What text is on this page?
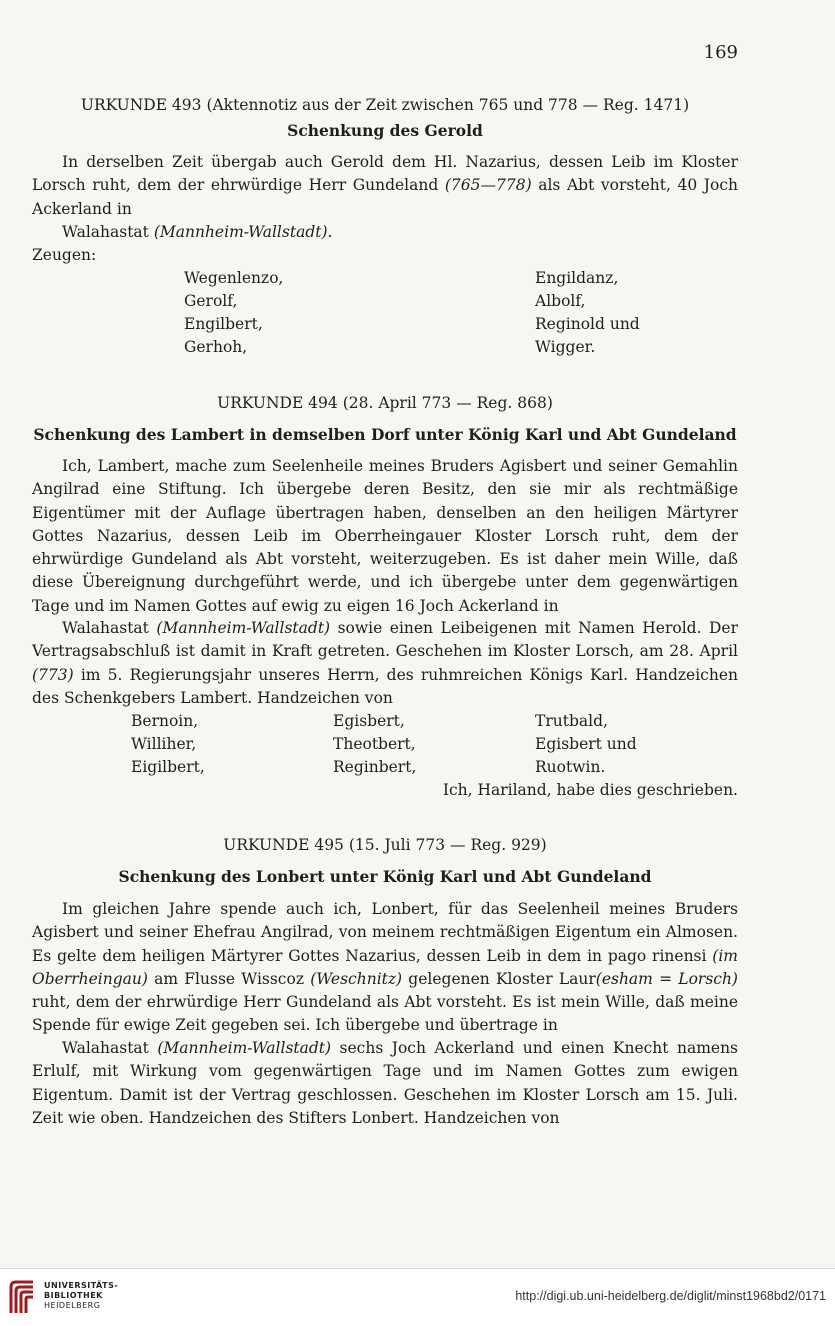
169
URKUNDE 493 (Aktennotiz aus der Zeit zwischen 765 und 778 — Reg. 1471)
Schenkung des Gerold

In derselben Zeit übergab auch Gerold dem Hl. Nazarius, dessen Leib im Kloster Lorsch ruht, dem der ehrwürdige Herr Gundeland (765—778) als Abt vorsteht, 40 Joch Ackerland in

Walahastat (Mannheim-Wallstadt).

Zeugen:
Wegenlenzo,
Gerolf,
Engilbert,
Gerhoh,
Engildanz,
Albolf,
Reginold und
Wigger.
URKUNDE 494 (28. April 773 — Reg. 868)
Schenkung des Lambert in demselben Dorf unter König Karl und Abt Gundeland

Ich, Lambert, mache zum Seelenheile meines Bruders Agisbert und seiner Gemahlin Angilrad eine Stiftung. Ich übergebe deren Besitz, den sie mir als rechtmäßige Eigentümer mit der Auflage übertragen haben, denselben an den heiligen Märtyrer Gottes Nazarius, dessen Leib im Oberrheingauer Kloster Lorsch ruht, dem der ehrwürdige Gundeland als Abt vorsteht, weiterzugeben. Es ist daher mein Wille, daß diese Übereignung durchgeführt werde, und ich übergebe unter dem gegenwärtigen Tage und im Namen Gottes auf ewig zu eigen 16 Joch Ackerland in

Walahastat (Mannheim-Wallstadt) sowie einen Leibeigenen mit Namen Herold. Der Vertragsabschluß ist damit in Kraft getreten. Geschehen im Kloster Lorsch, am 28. April (773) im 5. Regierungsjahr unseres Herrn, des ruhmreichen Königs Karl. Handzeichen des Schenkgebers Lambert. Handzeichen von

Bernoin,
Williher,
Eigilbert,
Egisbert,
Theotbert,
Reginbert,
Trutbald,
Egisbert und
Ruotwin.
Ich, Hariland, habe dies geschrieben.
URKUNDE 495 (15. Juli 773 — Reg. 929)
Schenkung des Lonbert unter König Karl und Abt Gundeland

Im gleichen Jahre spende auch ich, Lonbert, für das Seelenheil meines Bruders Agisbert und seiner Ehefrau Angilrad, von meinem rechtmäßigen Eigentum ein Almosen. Es gelte dem heiligen Märtyrer Gottes Nazarius, dessen Leib in dem in pago rinensi (im Oberrheingau) am Flusse Wisscoz (Weschnitz) gelegenen Kloster Laur(esham = Lorsch) ruht, dem der ehrwürdige Herr Gundeland als Abt vorsteht. Es ist mein Wille, daß meine Spende für ewige Zeit gegeben sei. Ich übergebe und übertrage in

Walahastat (Mannheim-Wallstadt) sechs Joch Ackerland und einen Knecht namens Erlulf, mit Wirkung vom gegenwärtigen Tage und im Namen Gottes zum ewigen Eigentum. Damit ist der Vertrag geschlossen. Geschehen im Kloster Lorsch am 15. Juli. Zeit wie oben. Handzeichen des Stifters Lonbert. Handzeichen von

UNIVERSITÄTS-
BIBLIOTHEK
HEIDELBERG
http://digi.ub.uni-heidelberg.de/diglit/minst1968bd2/0171
